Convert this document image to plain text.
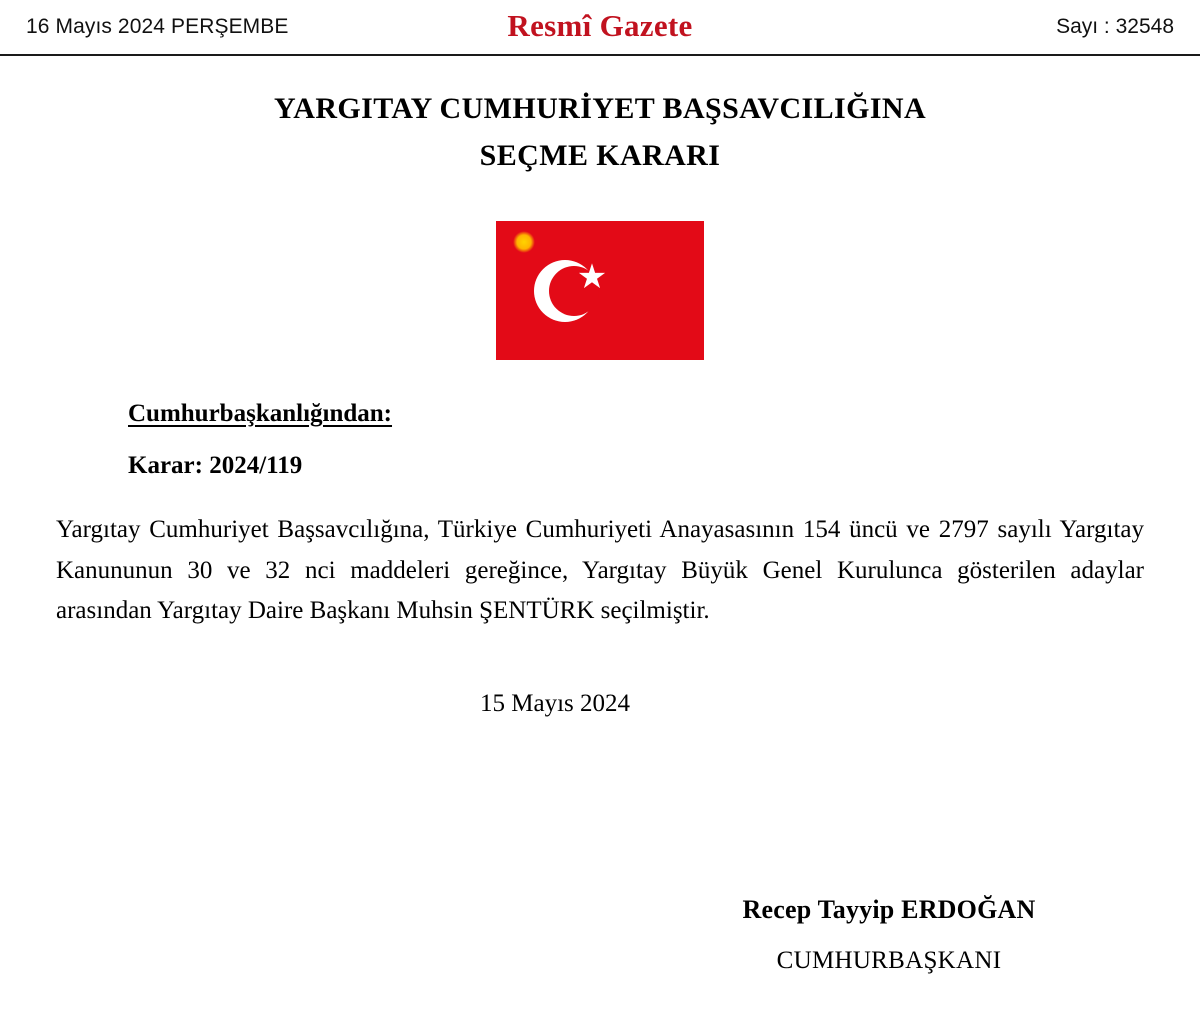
16 Mayıs 2024 PERŞEMBE	Resmî Gazete	Sayı : 32548
YARGITAY CUMHURİYET BAŞSAVCILIĞINA
SEÇME KARARI
Cumhurbaşkanlığından:
Karar: 2024/119

Yargıtay Cumhuriyet Başsavcılığına, Türkiye Cumhuriyeti Anayasasının 154 üncü ve 2797 sayılı Yargıtay Kanununun 30 ve 32 nci maddeleri gereğince, Yargıtay Büyük Genel Kurulunca gösterilen adaylar arasından Yargıtay Daire Başkanı Muhsin ŞENTÜRK seçilmiştir.

15 Mayıs 2024
Recep Tayyip ERDOĞAN
CUMHURBAŞKANI
